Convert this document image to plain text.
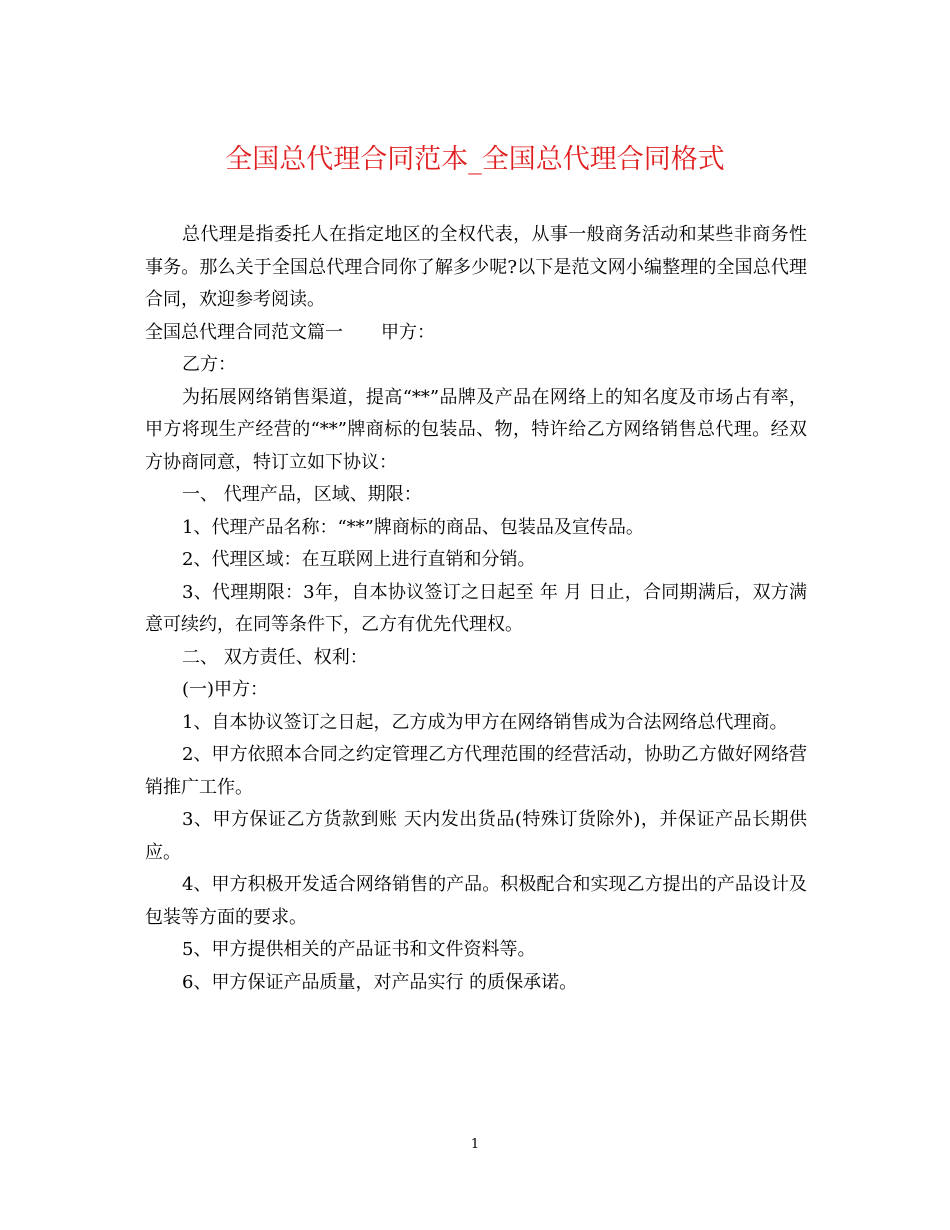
全国总代理合同范本_全国总代理合同格式

总代理是指委托人在指定地区的全权代表，从事一般商务活动和某些非商务性事务。那么关于全国总代理合同你了解多少呢?以下是范文网小编整理的全国总代理合同，欢迎参考阅读。

全国总代理合同范文篇一 甲方：

乙方：

为拓展网络销售渠道，提高“**”品牌及产品在网络上的知名度及市场占有率，甲方将现生产经营的“**”牌商标的包装品、物，特许给乙方网络销售总代理。经双方协商同意，特订立如下协议：

一、 代理产品，区域、期限：

1、代理产品名称：“**”牌商标的商品、包装品及宣传品。

2、代理区域：在互联网上进行直销和分销。

3、代理期限：3年，自本协议签订之日起至 年 月 日止，合同期满后，双方满意可续约，在同等条件下，乙方有优先代理权。

二、 双方责任、权利：

(一)甲方：

1、自本协议签订之日起，乙方成为甲方在网络销售成为合法网络总代理商。

2、甲方依照本合同之约定管理乙方代理范围的经营活动，协助乙方做好网络营销推广工作。

3、甲方保证乙方货款到账 天内发出货品(特殊订货除外)，并保证产品长期供应。

4、甲方积极开发适合网络销售的产品。积极配合和实现乙方提出的产品设计及包装等方面的要求。

5、甲方提供相关的产品证书和文件资料等。

6、甲方保证产品质量，对产品实行 的质保承诺。

1
